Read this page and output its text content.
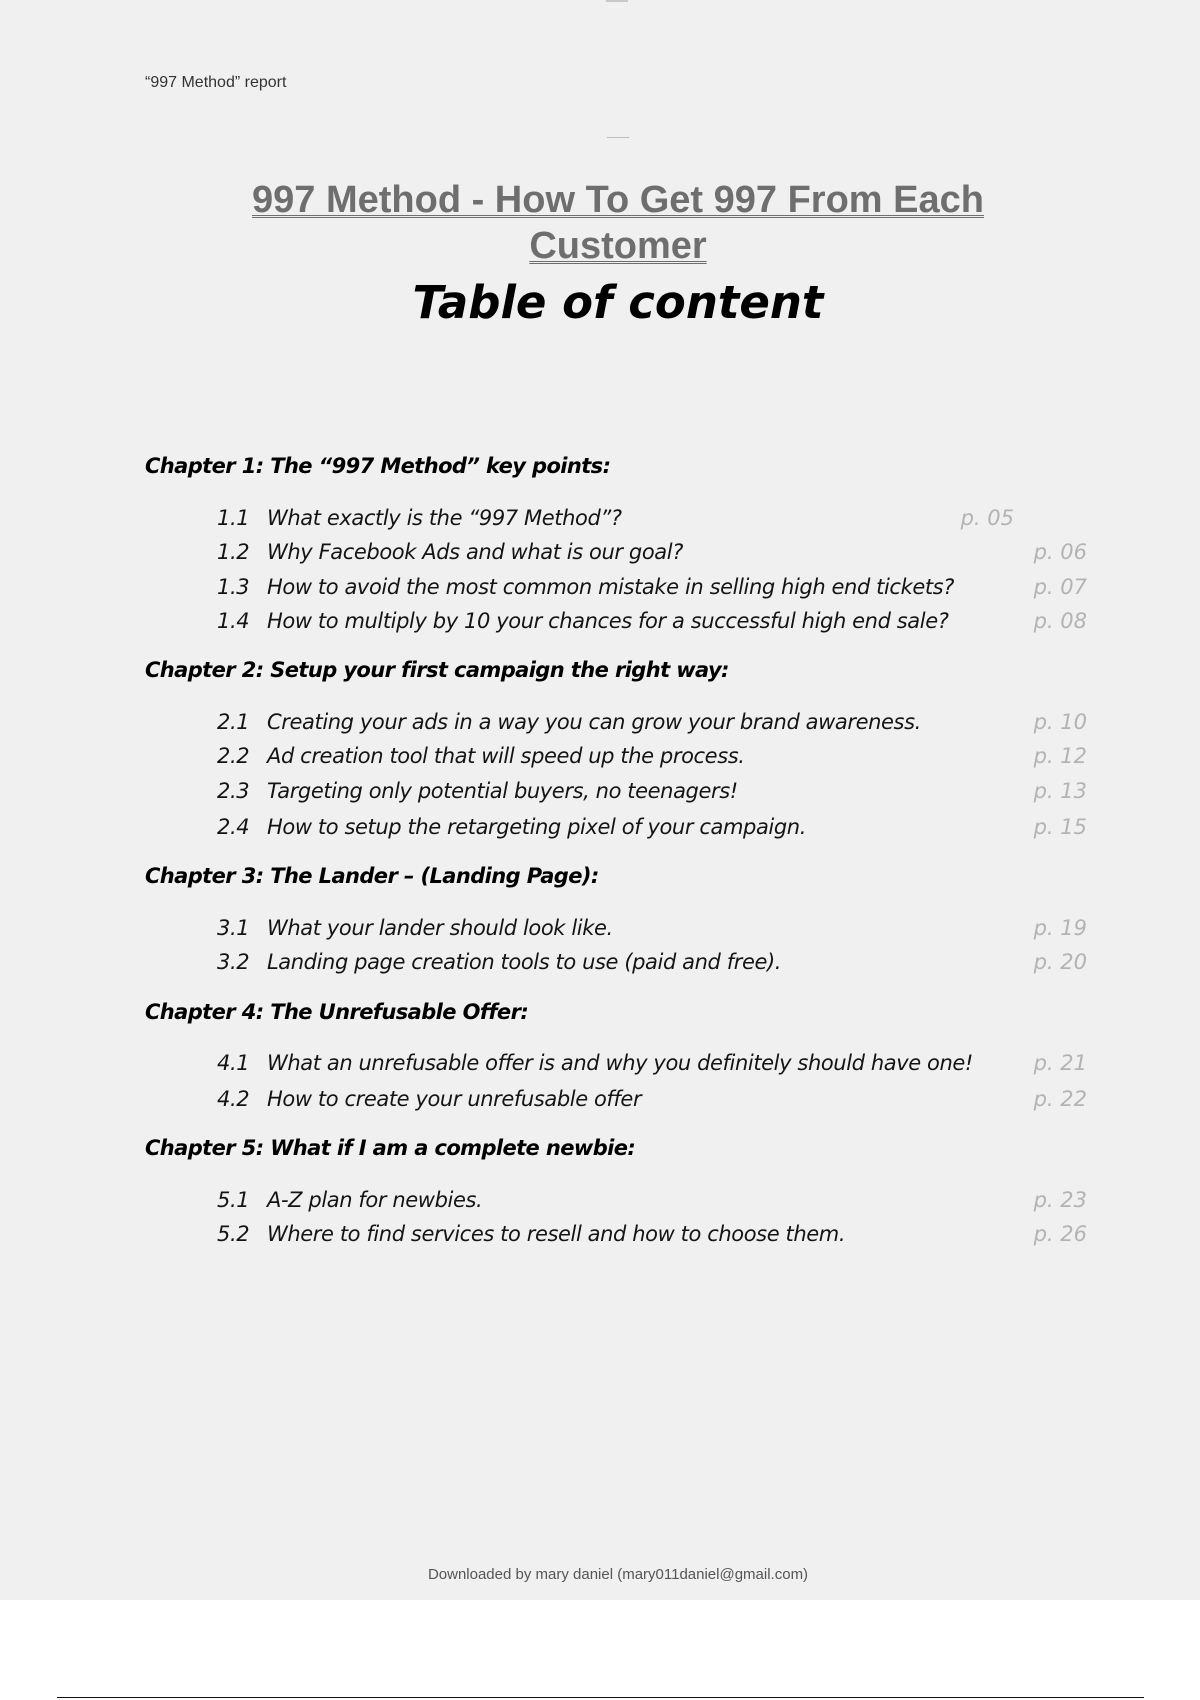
“997 Method” report
997 Method - How To Get 997 From Each
Customer
Table of content
Chapter 1: The “997 Method” key points:
1.1 What exactly is the “997 Method”?	p. 05
1.2 Why Facebook Ads and what is our goal?	p. 06
1.3 How to avoid the most common mistake in selling high end tickets?	p. 07
1.4 How to multiply by 10 your chances for a successful high end sale?	p. 08
Chapter 2: Setup your first campaign the right way:
2.1 Creating your ads in a way you can grow your brand awareness.	p. 10
2.2 Ad creation tool that will speed up the process.	p. 12
2.3 Targeting only potential buyers, no teenagers!	p. 13
2.4 How to setup the retargeting pixel of your campaign.	p. 15
Chapter 3: The Lander – (Landing Page):
3.1 What your lander should look like.	p. 19
3.2 Landing page creation tools to use (paid and free).	p. 20
Chapter 4: The Unrefusable Offer:
4.1 What an unrefusable offer is and why you definitely should have one!	p. 21
4.2 How to create your unrefusable offer	p. 22
Chapter 5: What if I am a complete newbie:
5.1 A-Z plan for newbies.	p. 23
5.2 Where to find services to resell and how to choose them.	p. 26
Downloaded by mary daniel (mary011daniel@gmail.com)
